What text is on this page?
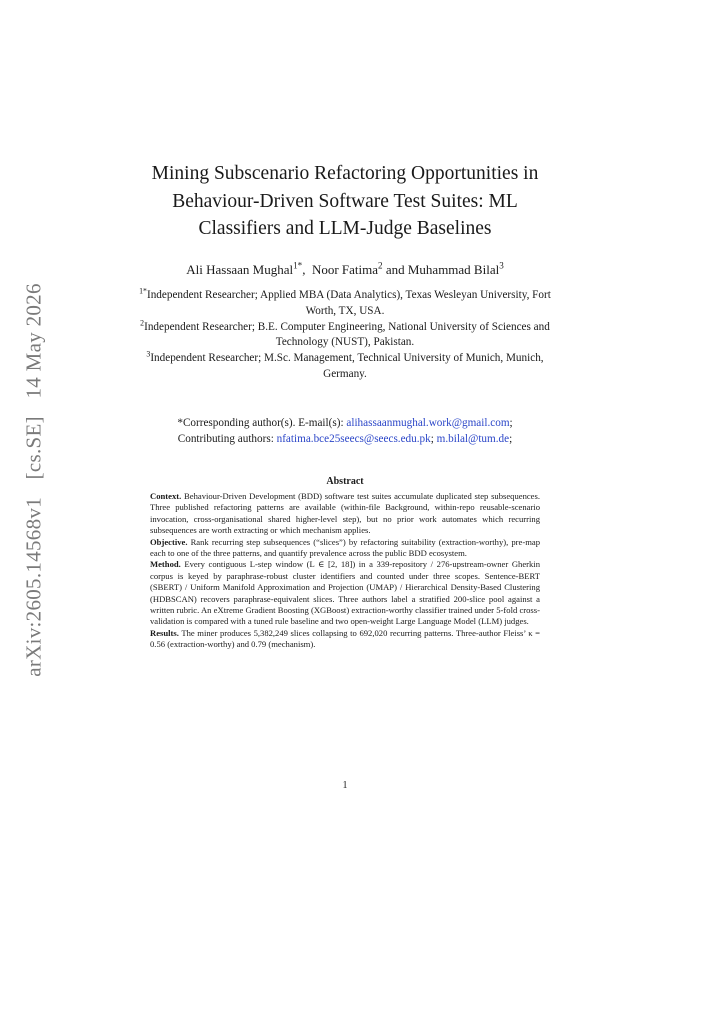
arXiv:2605.14568v1 [cs.SE] 14 May 2026
Mining Subscenario Refactoring Opportunities in Behaviour-Driven Software Test Suites: ML Classifiers and LLM-Judge Baselines
Ali Hassaan Mughal$^{1*}$,  Noor Fatima$^2$ and Muhammad Bilal$^3$
$^{1*}$Independent Researcher; Applied MBA (Data Analytics), Texas Wesleyan University, Fort Worth, TX, USA.
$^2$Independent Researcher; B.E. Computer Engineering, National University of Sciences and Technology (NUST), Pakistan.
$^3$Independent Researcher; M.Sc. Management, Technical University of Munich, Munich, Germany.
*Corresponding author(s). E-mail(s): alihassaanmughal.work@gmail.com;
Contributing authors: nfatima.bce25seecs@seecs.edu.pk; m.bilal@tum.de;
Abstract

Context. Behaviour-Driven Development (BDD) software test suites accumulate duplicated step subsequences. Three published refactoring patterns are available (within-file Background, within-repo reusable-scenario invocation, cross-organisational shared higher-level step), but no prior work automates which recurring subsequences are worth extracting or which mechanism applies.

Objective. Rank recurring step subsequences (“slices”) by refactoring suitability (extraction-worthy), pre-map each to one of the three patterns, and quantify prevalence across the public BDD ecosystem.

Method. Every contiguous L-step window (L ∈ [2, 18]) in a 339-repository / 276-upstream-owner Gherkin corpus is keyed by paraphrase-robust cluster identifiers and counted under three scopes. Sentence-BERT (SBERT) / Uniform Manifold Approximation and Projection (UMAP) / Hierarchical Density-Based Clustering (HDBSCAN) recovers paraphrase-equivalent slices. Three authors label a stratified 200-slice pool against a written rubric. An eXtreme Gradient Boosting (XGBoost) extraction-worthy classifier trained under 5-fold cross-validation is compared with a tuned rule baseline and two open-weight Large Language Model (LLM) judges.

Results. The miner produces 5,382,249 slices collapsing to 692,020 recurring patterns. Three-author Fleiss’ κ = 0.56 (extraction-worthy) and 0.79 (mechanism).

1
